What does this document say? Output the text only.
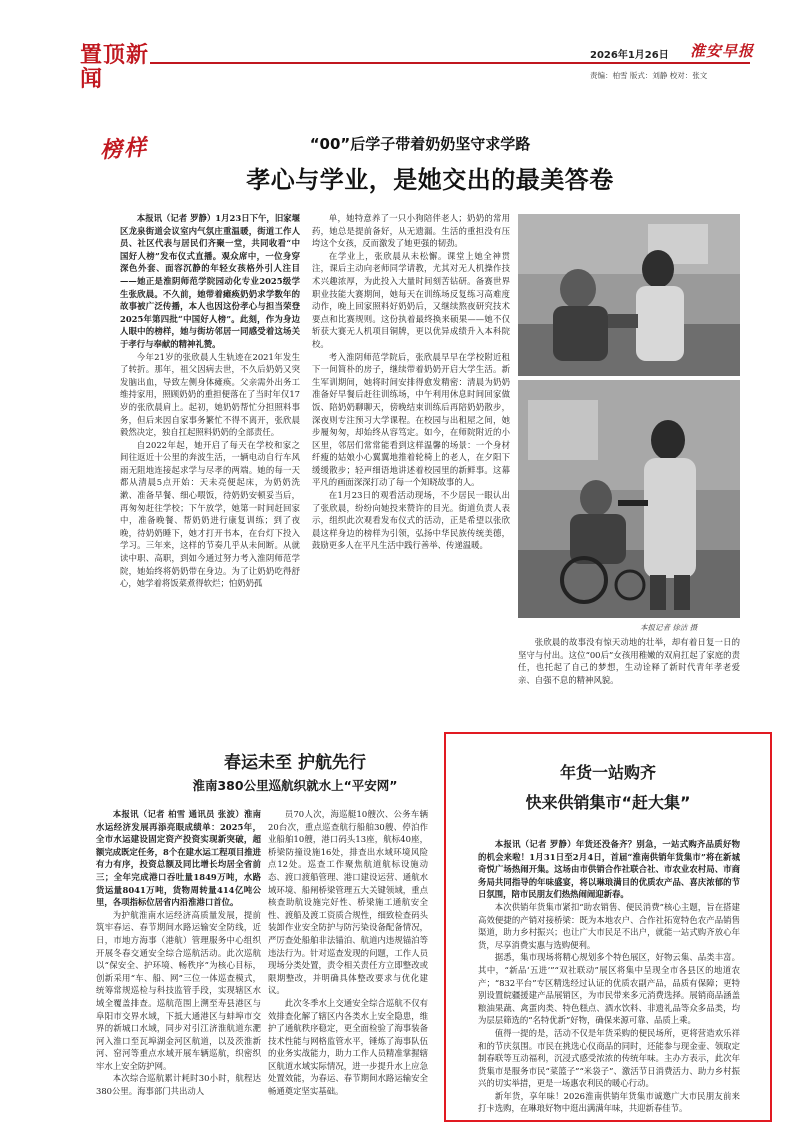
置顶新闻
2026年1月26日 淮安早报
责编：柏雪 版式：刘静 校对：张文
榜样	“00”后学子带着奶奶坚守求学路
孝心与学业，是她交出的最美答卷

本报讯（记者 罗静）1月23日下午，旧家堰区龙泉街道会议室内气氛庄重温暖，街道工作人员、社区代表与居民们齐聚一堂，共同收看“中国好人榜”发布仪式直播。观众席中，一位身穿深色外套、面容沉静的年轻女孩格外引人注目——她正是淮阴师范学院园动化专业2025级学生张欣晨。不久前，她带着瘫痪奶奶求学数年的故事被广泛传播，本人也因这份孝心与担当荣登2025年第四批“中国好人榜”。此刻，作为身边人眼中的榜样，她与街坊邻居一同感受着这场关于孝行与奉献的精神礼赞。

今年21岁的张欣晨人生轨迹在2021年发生了转折。那年，祖父因病去世，不久后奶奶又突发脑出血，导致左侧身体瘫痪。父亲需外出务工维持家用，照顾奶奶的重担便落在了当时年仅17岁的张欣晨肩上。起初，她奶奶帮忙分担照料事务，但后来因自家事务繁忙不得不离开，张欣晨毅然决定，独自扛起照料奶奶的全部责任。

自2022年起，她开启了每天在学校和家之间往返近十公里的奔波生活，一辆电动自行车风雨无阻地连接起求学与尽孝的两端。她的每一天都从清晨5点开始：天未亮便起床，为奶奶洗漱、准备早餐、细心喂饭，待奶奶安顿妥当后，再匆匆赶往学校；下午放学，她第一时间赶回家中，准备晚餐、帮奶奶进行康复训练；到了夜晚，待奶奶睡下，她才打开书本，在台灯下投入学习。三年来，这样的节奏几乎从未间断。从就读中职、高职，到如今通过努力考入淮阴师范学院，她始终将奶奶带在身边。为了让奶奶吃得舒心，她学着将饭菜煮得软烂；怕奶奶孤

单，她特意养了一只小狗陪伴老人；奶奶的常用药，她总是提前备好，从无遗漏。生活的重担没有压垮这个女孩，反而激发了她更强的韧劲。

在学业上，张欣晨从未松懈。课堂上她全神贯注，课后主动向老师同学请教，尤其对无人机操作技术兴趣浓厚，为此投入大量时间刻苦钻研。备赛世界职业技能大赛期间，她每天在训练场反复练习高难度动作，晚上回家照料好奶奶后，又继续熬夜研究技术要点和比赛规则。这份执着最终换来硕果——她不仅斩获大赛无人机项目铜牌，更以优异成绩升入本科院校。

考入淮阴师范学院后，张欣晨早早在学校附近租下一间简朴的房子，继续带着奶奶开启大学生活。新生军训期间，她将时间安排得愈发精密：清晨为奶奶准备好早餐后赶往训练场，中午利用休息时间回家做饭、陪奶奶聊聊天，傍晚结束训练后再陪奶奶散步，深夜则专注预习大学课程。在校园与出租屋之间，她步履匆匆，却始终从容笃定。如今，在师院附近的小区里，邻居们常常能看到这样温馨的场景：一个身材纤瘦的姑娘小心翼翼地推着轮椅上的老人，在夕阳下缓缓散步；轻声细语地讲述着校园里的新鲜事。这幕平凡的画面深深打动了每一个知晓故事的人。

在1月23日的观看活动现场，不少居民一眼认出了张欣晨，纷纷向她投来赞许的目光。街道负责人表示，组织此次观看发布仪式的活动，正是希望以张欣晨这样身边的榜样为引领，弘扬中华民族传统美德，鼓励更多人在平凡生活中践行善举、传递温暖。

本报记者 徐洁 摄

张欣晨的故事没有惊天动地的壮举，却有着日复一日的坚守与付出。这位“00后”女孩用稚嫩的双肩扛起了家庭的责任，也托起了自己的梦想，生动诠释了新时代青年孝老爱亲、自强不息的精神风貌。

春运未至 护航先行
淮南380公里巡航织就水上“平安网”

本报讯（记者 柏雪 通讯员 张波）淮南水运经济发展再添亮眼成绩单：2025年，全市水运建设固定资产投资实现新突破，超额完成既定任务，8个在建水运工程项目推进有力有序，投资总额及同比增长均居全省前三；全年完成港口吞吐量1849万吨，水路货运量8041万吨，货物周转量414亿吨公里，各项指标位居省内沿淮港口首位。

为护航淮南水运经济高质量发展，提前筑牢春运、春节期间水路运输安全防线，近日，市地方海事（港航）管理服务中心组织开展冬春交通安全综合巡航活动。此次巡航以“保安全、护环境、畅秩序”为核心目标，创新采用“车、船、网”三位一体巡查模式，统筹常规巡检与科技监管手段，实现辖区水域全覆盖排查。巡航范围上溯至寿县港区与阜阳市交界水域，下抵大通港区与蚌埠市交界的新城口水域，同步对引江济淮航道东淝河入淮口至瓦埠湖金河区航道，以及茨淮新河、窑河等重点水域开展车辆巡航，织密织牢水上安全防护网。

本次综合巡航累计耗时30小时，航程达380公里。海事部门共出动人

员70人次，海巡艇10艘次、公务车辆20台次，重点巡查航行船舶30艘、停泊作业船舶10艘，港口码头13座，航标40座，桥梁防撞设施16处，排查出水域环境风险点12处。巡查工作聚焦航道航标设施动态、渡口渡船管理、港口建设运营、通航水域环境、船闸桥梁管理五大关键领域，重点核查助航设施完好性、桥梁施工通航安全性、渡船及渡工资质合规性，细致检查码头装卸作业安全防护与防污染设备配备情况，严厉查处船舶非法锚泊、航道内违规锚泊等违法行为。针对巡查发现的问题，工作人员现场分类处置，责令相关责任方立即整改或限期整改，并明确具体整改要求与优化建议。

此次冬季水上交通安全综合巡航不仅有效排查化解了辖区内各类水上安全隐患，维护了通航秩序稳定，更全面检验了海事装备技术性能与网格监管水平，锤炼了海事队伍的业务实战能力，助力工作人员精准掌握辖区航道水域实际情况，进一步提升水上应急处置效能，为春运、春节期间水路运输安全畅通奠定坚实基础。

年货一站购齐
快来供销集市“赶大集”

本报讯（记者 罗静）年货还没备齐？别急，一站式购齐品质好物的机会来啦！1月31日至2月4日，首届“淮南供销年货集市”将在新城奇悦广场热闹开集。这场由市供销合作社联合社、市农业农村局、市商务局共同指导的年味盛宴，将以琳琅满目的优质农产品、喜庆浓郁的节日氛围，陪市民朋友们热热闹闹迎新春。

本次供销年货集市紧扣“助农销售、便民消费”核心主题，旨在搭建高效便捷的产销对接桥梁：既为本地农户、合作社拓宽特色农产品销售渠道，助力乡村振兴；也让广大市民足不出户，就能一站式购齐放心年货，尽享消费实惠与选购便利。

据悉，集市现场将精心规划多个特色展区，好物云集、品类丰富。其中，“新品‘五进’”“双社联动”展区将集中呈现全市各县区的地道农产；“832平台”专区精选经过认证的优质农副产品，品质有保障；更特别设置皖疆援建产品展销区，为市民带来多元消费选择。展销商品涵盖粮油果蔬、禽蛋肉类、特色糕点、酒水饮料、非遗礼品等众多品类，均为层层筛选的“名特优新”好物，确保来源可靠、品质上乘。

值得一提的是，活动不仅是年货采购的便民场所，更将营造欢乐祥和的节庆氛围。市民在挑选心仪商品的同时，还能参与现金壶、领取定制春联等互动福利，沉浸式感受浓浓的传统年味。主办方表示，此次年货集市是服务市民“菜篮子”“米袋子”、激活节日消费活力、助力乡村振兴的切实举措，更是一场惠农利民的暖心行动。

新年货，享年味！2026淮南供销年货集市诚邀广大市民朋友前来打卡选购，在琳琅好物中逛出满满年味，共迎新春佳节。
